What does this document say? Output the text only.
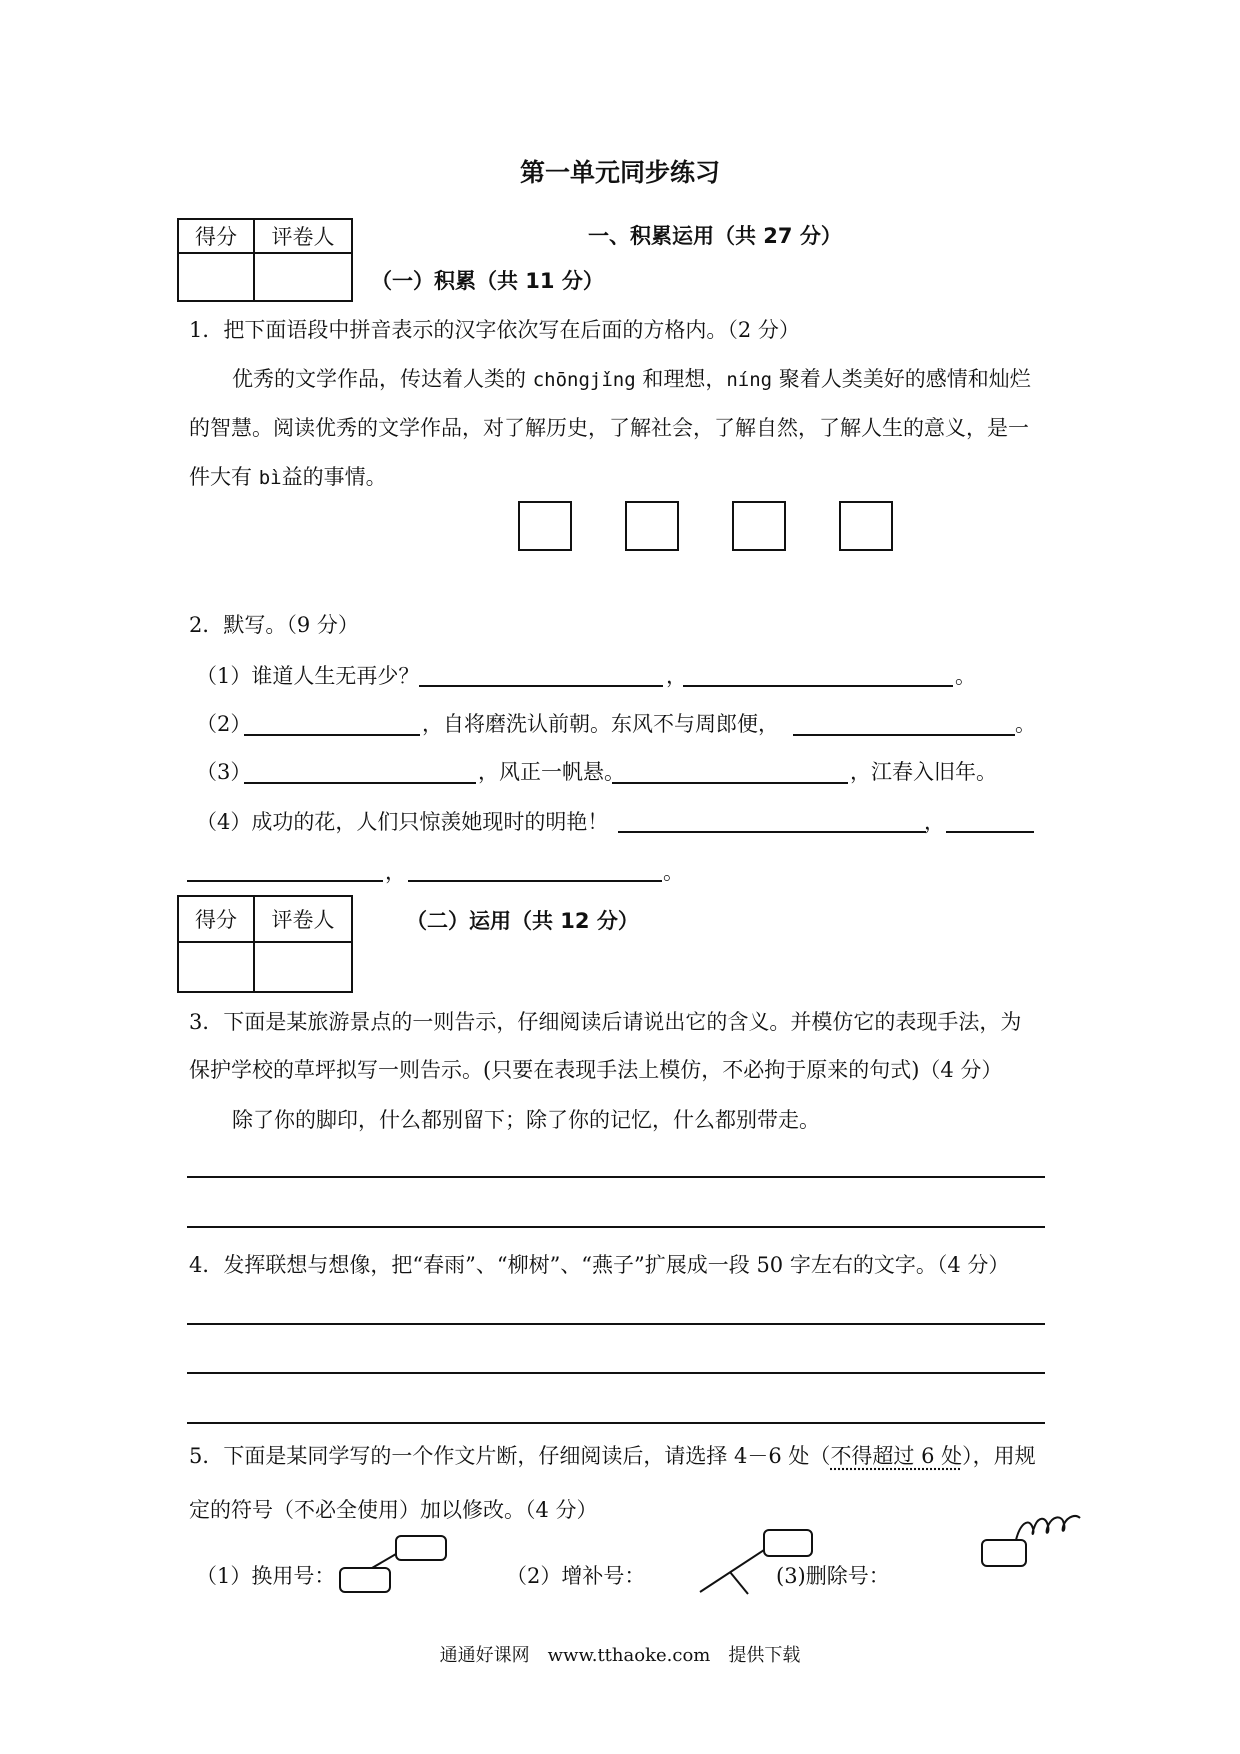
第一单元同步练习
得分	评卷人
		一、积累运用（共 27 分）
（一）积累（共 11 分）
1．把下面语段中拼音表示的汉字依次写在后面的方格内。（2 分）
优秀的文学作品，传达着人类的 chōngjǐng 和理想，níng 聚着人类美好的感情和灿烂
的智慧。阅读优秀的文学作品，对了解历史，了解社会，了解自然，了解人生的意义，是一
件大有 bì益的事情。
2．默写。（9 分）
（1）谁道人生无再少？	，	。
（2）	，自将磨洗认前朝。东风不与周郎便，	。
（3）	，风正一帆悬。	，江春入旧年。
（4）成功的花，人们只惊羡她现时的明艳！	，
，	。
得分	评卷人
		（二）运用（共 12 分）
3．下面是某旅游景点的一则告示，仔细阅读后请说出它的含义。并模仿它的表现手法，为
保护学校的草坪拟写一则告示。(只要在表现手法上模仿，不必拘于原来的句式)（4 分）
除了你的脚印，什么都别留下；除了你的记忆，什么都别带走。
4．发挥联想与想像，把“春雨”、“柳树”、“燕子”扩展成一段 50 字左右的文字。（4 分）
5．下面是某同学写的一个作文片断，仔细阅读后，请选择 4－6 处（不得超过 6 处），用规
定的符号（不必全使用）加以修改。（4 分）
（1）换用号：	（2）增补号：	(3)删除号：
通通好课网　www.tthaoke.com　提供下载
